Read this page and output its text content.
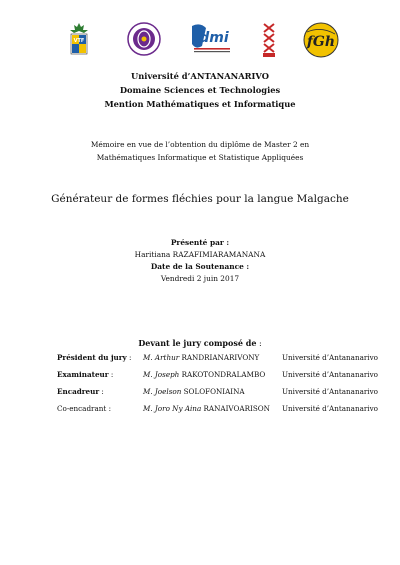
VTF	dmi	fGh
Université d’ANTANANARIVO
Domaine Sciences et Technologies
Mention Mathématiques et Informatique
Mémoire en vue de l’obtention du diplôme de Master 2 en
Mathématiques Informatique et Statistique Appliquées
Générateur de formes fléchies pour la langue Malgache
Présenté par :
Haritiana RAZAFIMIARAMANANA
Date de la Soutenance :
Vendredi 2 juin 2017
Devant le jury composé de :
Président du jury : M. Arthur RANDRIANARIVONY	Université d’Antananarivo
Examinateur :	M. Joseph RAKOTONDRALAMBO Université d’Antananarivo
Encadreur :	M. Joelson SOLOFONIAINA	Université d’Antananarivo
Co-encadrant :	M. Joro Ny Aina RANAIVOARISON Université d’Antananarivo
